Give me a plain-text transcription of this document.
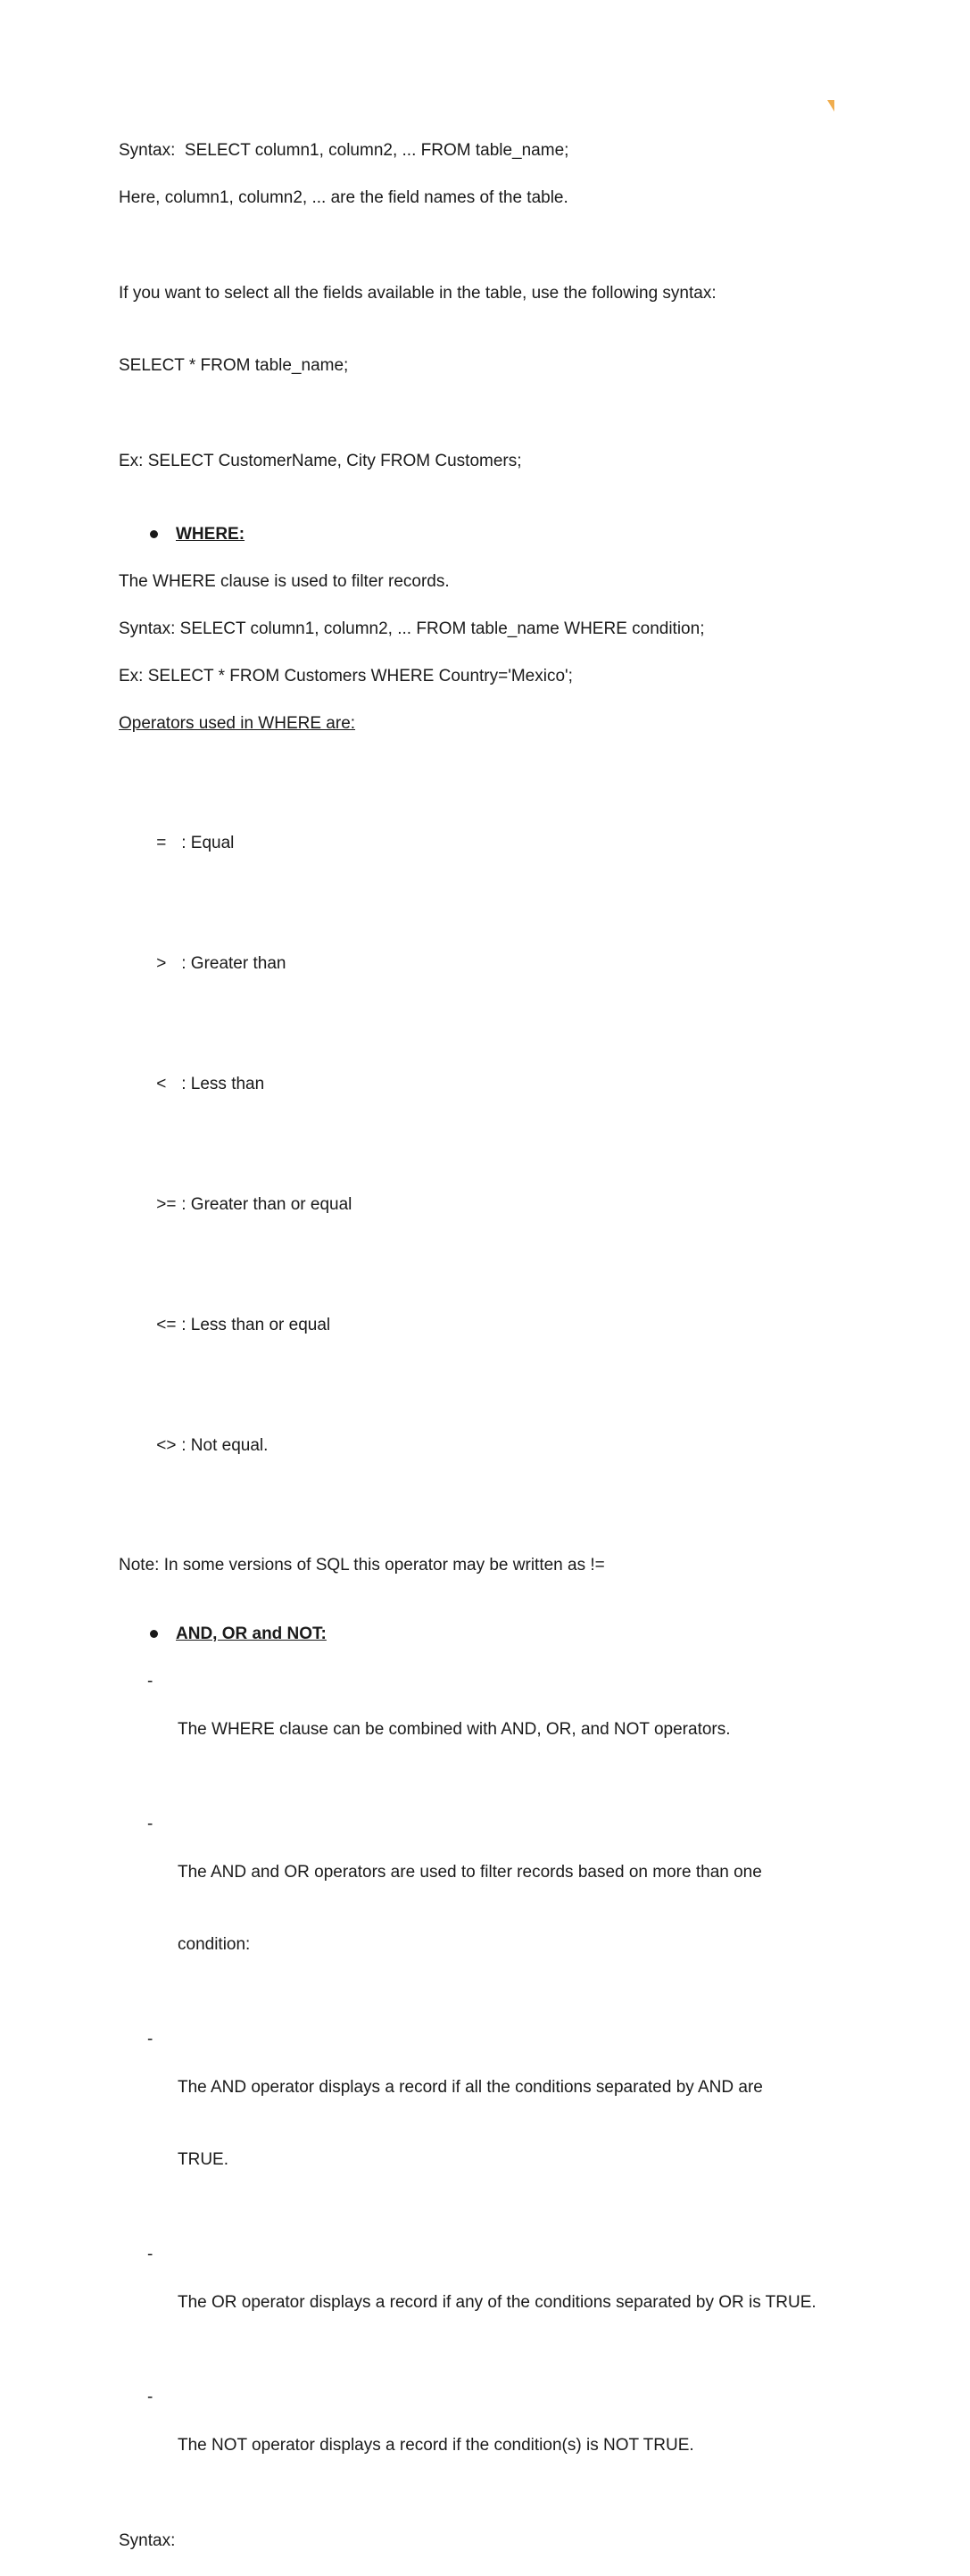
Syntax:  SELECT column1, column2, ... FROM table_name;

Here, column1, column2, ... are the field names of the table.

If you want to select all the fields available in the table, use the following syntax:

SELECT * FROM table_name;

Ex: SELECT CustomerName, City FROM Customers;

WHERE:

The WHERE clause is used to filter records.

Syntax: SELECT column1, column2, ... FROM table_name WHERE condition;

Ex: SELECT * FROM Customers WHERE Country='Mexico';

Operators used in WHERE are:

= : Equal

> : Greater than

< : Less than

>= : Greater than or equal

<= : Less than or equal

<> : Not equal.

Note: In some versions of SQL this operator may be written as !=

AND, OR and NOT:
-

The WHERE clause can be combined with AND, OR, and NOT operators.

-

The AND and OR operators are used to filter records based on more than one

condition:

-

The AND operator displays a record if all the conditions separated by AND are

TRUE.

-

The OR operator displays a record if any of the conditions separated by OR is TRUE.

-

The NOT operator displays a record if the condition(s) is NOT TRUE.

Syntax:
